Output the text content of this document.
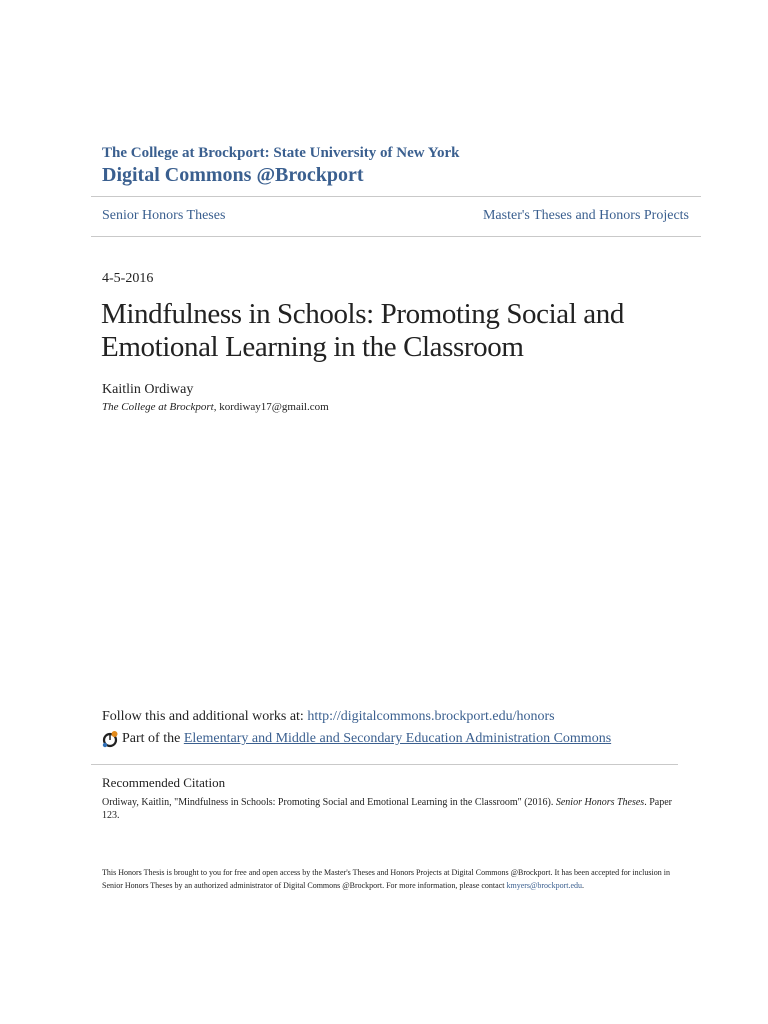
The College at Brockport: State University of New York
Digital Commons @Brockport
Senior Honors Theses	Master's Theses and Honors Projects
4-5-2016
Mindfulness in Schools: Promoting Social and Emotional Learning in the Classroom
Kaitlin Ordiway
The College at Brockport, kordiway17@gmail.com
Follow this and additional works at: http://digitalcommons.brockport.edu/honors
Part of the
Elementary and Middle and Secondary Education Administration Commons
Recommended Citation
Ordiway, Kaitlin, "Mindfulness in Schools: Promoting Social and Emotional Learning in the Classroom" (2016). Senior Honors Theses. Paper 123.
This Honors Thesis is brought to you for free and open access by the Master's Theses and Honors Projects at Digital Commons @Brockport. It has been accepted for inclusion in Senior Honors Theses by an authorized administrator of Digital Commons @Brockport. For more information, please contact kmyers@brockport.edu.
